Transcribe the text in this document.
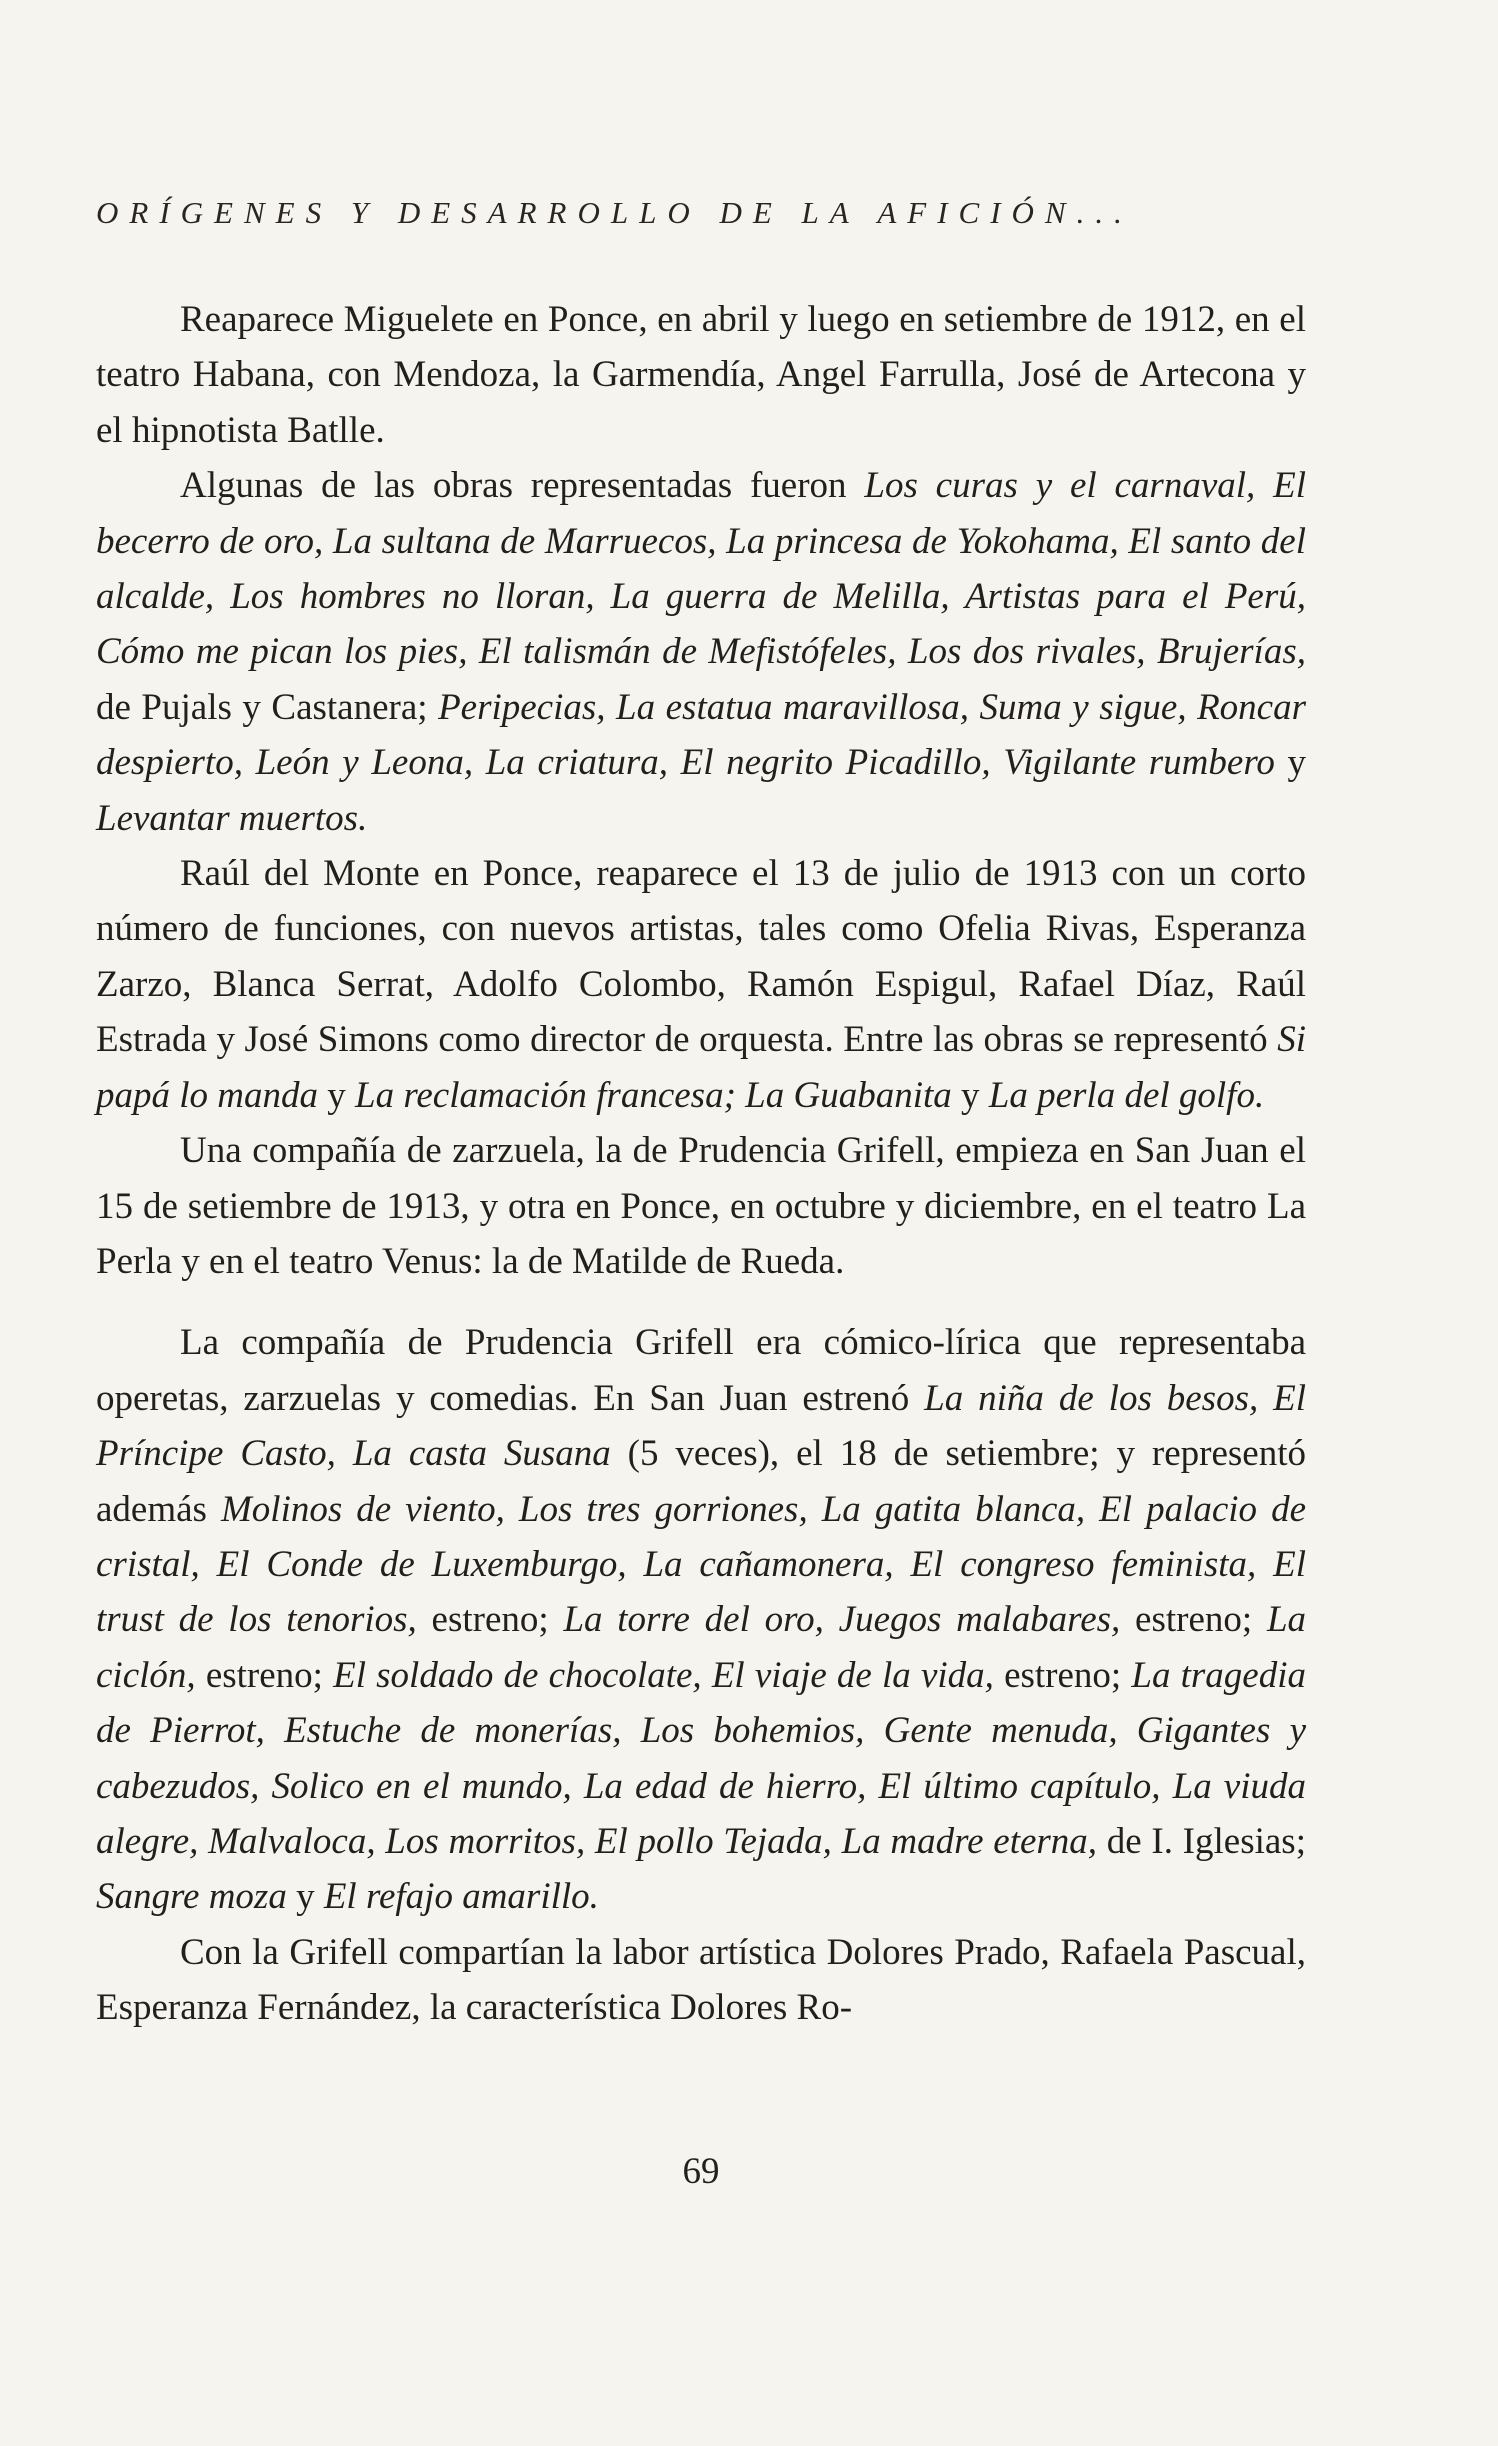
ORÍGENES Y DESARROLLO DE LA AFICIÓN...

Reaparece Miguelete en Ponce, en abril y luego en setiembre de 1912, en el teatro Habana, con Mendoza, la Garmendía, Angel Farrulla, José de Artecona y el hipnotista Batlle.

Algunas de las obras representadas fueron Los curas y el carnaval, El becerro de oro, La sultana de Marruecos, La princesa de Yokohama, El santo del alcalde, Los hombres no lloran, La guerra de Melilla, Artistas para el Perú, Cómo me pican los pies, El talismán de Mefistófeles, Los dos rivales, Brujerías, de Pujals y Castanera; Peripecias, La estatua maravillosa, Suma y sigue, Roncar despierto, León y Leona, La criatura, El negrito Picadillo, Vigilante rumbero y Levantar muertos.

Raúl del Monte en Ponce, reaparece el 13 de julio de 1913 con un corto número de funciones, con nuevos artistas, tales como Ofelia Rivas, Esperanza Zarzo, Blanca Serrat, Adolfo Colombo, Ramón Espigul, Rafael Díaz, Raúl Estrada y José Simons como director de orquesta. Entre las obras se representó Si papá lo manda y La reclamación francesa; La Guabanita y La perla del golfo.

Una compañía de zarzuela, la de Prudencia Grifell, empieza en San Juan el 15 de setiembre de 1913, y otra en Ponce, en octubre y diciembre, en el teatro La Perla y en el teatro Venus: la de Matilde de Rueda.

La compañía de Prudencia Grifell era cómico-lírica que representaba operetas, zarzuelas y comedias. En San Juan estrenó La niña de los besos, El Príncipe Casto, La casta Susana (5 veces), el 18 de setiembre; y representó además Molinos de viento, Los tres gorriones, La gatita blanca, El palacio de cristal, El Conde de Luxemburgo, La cañamonera, El congreso feminista, El trust de los tenorios, estreno; La torre del oro, Juegos malabares, estreno; La ciclón, estreno; El soldado de chocolate, El viaje de la vida, estreno; La tragedia de Pierrot, Estuche de monerías, Los bohemios, Gente menuda, Gigantes y cabezudos, Solico en el mundo, La edad de hierro, El último capítulo, La viuda alegre, Malvaloca, Los morritos, El pollo Tejada, La madre eterna, de I. Iglesias; Sangre moza y El refajo amarillo.

Con la Grifell compartían la labor artística Dolores Prado, Rafaela Pascual, Esperanza Fernández, la característica Dolores Ro-

69
